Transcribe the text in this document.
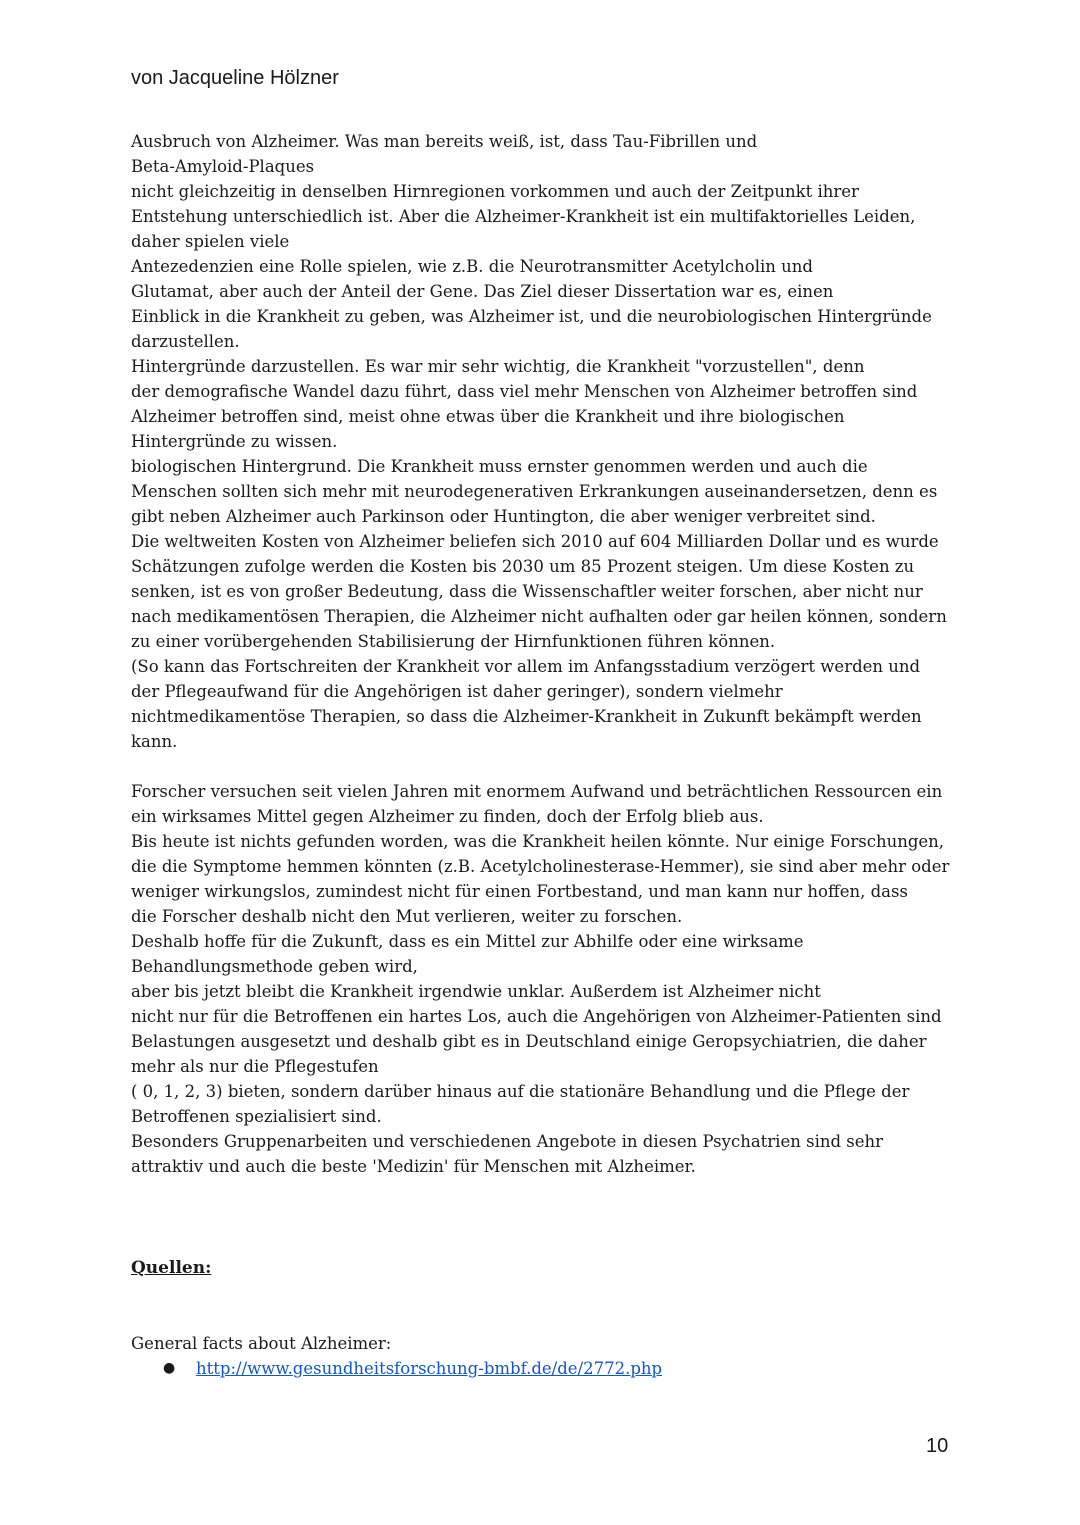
von Jacqueline Hölzner
Ausbruch von Alzheimer. Was man bereits weiß, ist, dass Tau-Fibrillen und
Beta-Amyloid-Plaques
nicht gleichzeitig in denselben Hirnregionen vorkommen und auch der Zeitpunkt ihrer
Entstehung unterschiedlich ist. Aber die Alzheimer-Krankheit ist ein multifaktorielles Leiden,
daher spielen viele
Antezedenzien eine Rolle spielen, wie z.B. die Neurotransmitter Acetylcholin und
Glutamat, aber auch der Anteil der Gene. Das Ziel dieser Dissertation war es, einen
Einblick in die Krankheit zu geben, was Alzheimer ist, und die neurobiologischen Hintergründe
darzustellen.
Hintergründe darzustellen. Es war mir sehr wichtig, die Krankheit "vorzustellen", denn
der demografische Wandel dazu führt, dass viel mehr Menschen von Alzheimer betroffen sind
Alzheimer betroffen sind, meist ohne etwas über die Krankheit und ihre biologischen
Hintergründe zu wissen.
biologischen Hintergrund. Die Krankheit muss ernster genommen werden und auch die
Menschen sollten sich mehr mit neurodegenerativen Erkrankungen auseinandersetzen, denn es
gibt neben Alzheimer auch Parkinson oder Huntington, die aber weniger verbreitet sind.
Die weltweiten Kosten von Alzheimer beliefen sich 2010 auf 604 Milliarden Dollar und es wurde
Schätzungen zufolge werden die Kosten bis 2030 um 85 Prozent steigen. Um diese Kosten zu
senken, ist es von großer Bedeutung, dass die Wissenschaftler weiter forschen, aber nicht nur
nach medikamentösen Therapien, die Alzheimer nicht aufhalten oder gar heilen können, sondern
zu einer vorübergehenden Stabilisierung der Hirnfunktionen führen können.
(So kann das Fortschreiten der Krankheit vor allem im Anfangsstadium verzögert werden und
der Pflegeaufwand für die Angehörigen ist daher geringer), sondern vielmehr
nichtmedikamentöse Therapien, so dass die Alzheimer-Krankheit in Zukunft bekämpft werden
kann.
Forscher versuchen seit vielen Jahren mit enormem Aufwand und beträchtlichen Ressourcen ein
ein wirksames Mittel gegen Alzheimer zu finden, doch der Erfolg blieb aus.
Bis heute ist nichts gefunden worden, was die Krankheit heilen könnte. Nur einige Forschungen,
die die Symptome hemmen könnten (z.B. Acetylcholinesterase-Hemmer), sie sind aber mehr oder
weniger wirkungslos, zumindest nicht für einen Fortbestand, und man kann nur hoffen, dass
die Forscher deshalb nicht den Mut verlieren, weiter zu forschen.
Deshalb hoffe für die Zukunft, dass es ein Mittel zur Abhilfe oder eine wirksame
Behandlungsmethode geben wird,
aber bis jetzt bleibt die Krankheit irgendwie unklar. Außerdem ist Alzheimer nicht
nicht nur für die Betroffenen ein hartes Los, auch die Angehörigen von Alzheimer-Patienten sind
Belastungen ausgesetzt und deshalb gibt es in Deutschland einige Geropsychiatrien, die daher
mehr als nur die Pflegestufen
( 0, 1, 2, 3) bieten, sondern darüber hinaus auf die stationäre Behandlung und die Pflege der
Betroffenen spezialisiert sind.
Besonders Gruppenarbeiten und verschiedenen Angebote in diesen Psychatrien sind sehr
attraktiv und auch die beste 'Medizin' für Menschen mit Alzheimer.
Quellen:
General facts about Alzheimer:
● http://www.gesundheitsforschung-bmbf.de/de/2772.php
10
